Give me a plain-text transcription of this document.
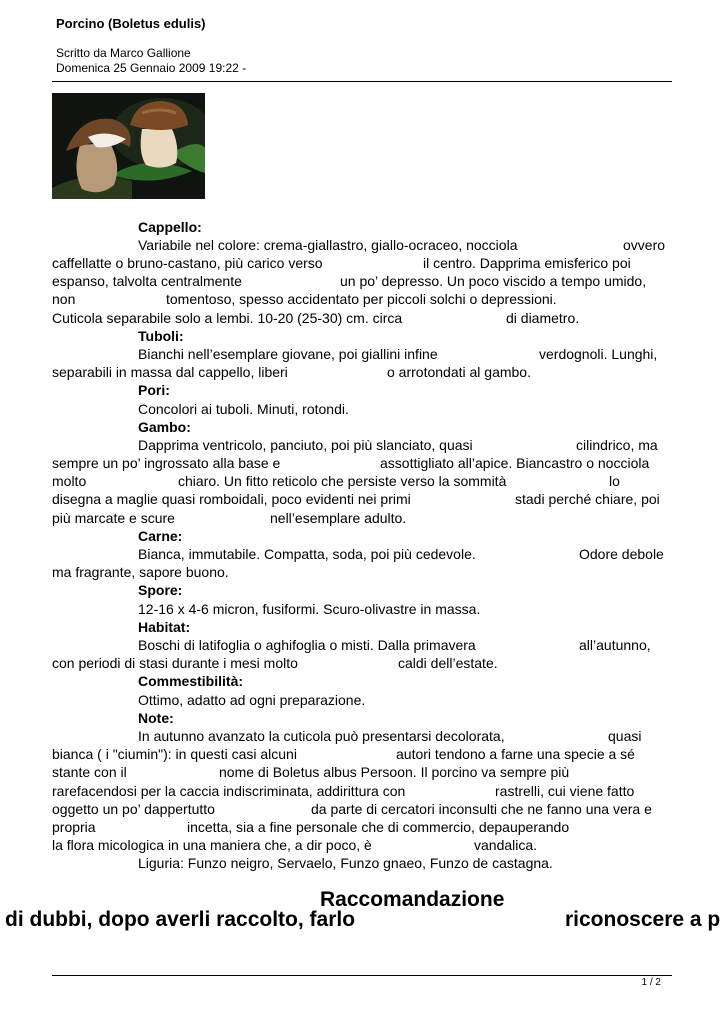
Porcino (Boletus edulis)
Scritto da Marco Gallione
Domenica 25 Gennaio 2009 19:22 -
Cappello:
Variabile nel colore: crema-giallastro, giallo-ocraceo, nocciola	ovvero
caffellatte o bruno-castano, più carico verso	il centro. Dapprima emisferico poi
espanso, talvolta centralmente	un po’ depresso. Un poco viscido a tempo umido,
non	tomentoso, spesso accidentato per piccoli solchi o depressioni.
Cuticola separabile solo a lembi. 10-20 (25-30) cm. circa	di diametro.
Tuboli:
Bianchi nell’esemplare giovane, poi giallini infine	verdognoli. Lunghi,
separabili in massa dal cappello, liberi	o arrotondati al gambo.
Pori:
Concolori ai tuboli. Minuti, rotondi.
Gambo:
Dapprima ventricolo, panciuto, poi più slanciato, quasi	cilindrico, ma
sempre un po’ ingrossato alla base e	assottigliato all’apice. Biancastro o nocciola
molto	chiaro. Un fitto reticolo che persiste verso la sommità	lo
disegna a maglie quasi romboidali, poco evidenti nei primi	stadi perché chiare, poi
più marcate e scure	nell’esemplare adulto.
Carne:
Bianca, immutabile. Compatta, soda, poi più cedevole.	Odore debole
ma fragrante, sapore buono.
Spore:
12-16 x 4-6 micron, fusiformi. Scuro-olivastre in massa.
Habitat:
Boschi di latifoglia o aghifoglia o misti. Dalla primavera	all’autunno,
con periodi di stasi durante i mesi molto	caldi dell’estate.
Commestibilità:
Ottimo, adatto ad ogni preparazione.
Note:
In autunno avanzato la cuticola può presentarsi decolorata,	quasi
bianca ( i "ciumin"): in questi casi alcuni	autori tendono a farne una specie a sé
stante con il	nome di Boletus albus Persoon. Il porcino va sempre più
rarefacendosi per la caccia indiscriminata, addirittura con	rastrelli, cui viene fatto
oggetto un po’ dappertutto	da parte di cercatori inconsulti che ne fanno una vera e
propria	incetta, sia a fine personale che di commercio, depauperando
la flora micologica in una maniera che, a dir poco, è	vandalica.
Liguria: Funzo neigro, Servaelo, Funzo gnaeo, Funzo de castagna.
Raccomandazione
di dubbi, dopo averli raccolto, farlo	riconoscere a p
1 / 2
